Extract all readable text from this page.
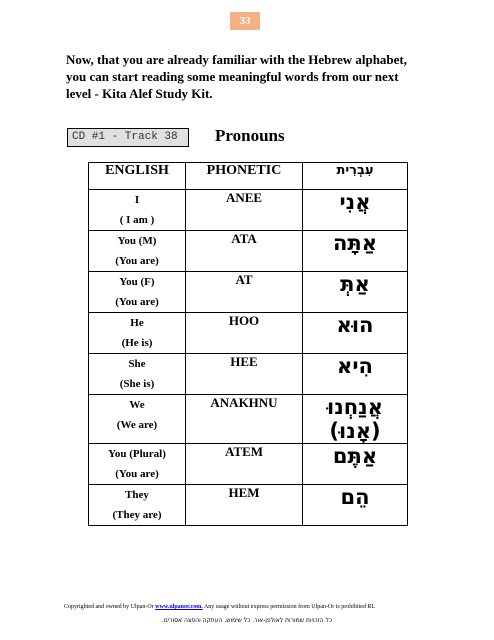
33

Now, that you are already familiar with the Hebrew alphabet, you can start reading some meaningful words from our next level - Kita Alef Study Kit.

CD #1 - Track 38	Pronouns
ENGLISH	PHONETIC	עִבְרִית

I
( I am )	ANEE	אֲנִי

You (M)
(You are)	ATA	אַתָּה

You (F)
(You are)	AT	אַתְּ

He
(He is)	HOO	הוּא

She
(She is)	HEE	הִיא

We
(We are)	ANAKHNU	אֲנַחְנוּ (אָנוּ)

You (Plural)
(You are)	ATEM	אַתֶּם

They
(They are)	HEM	הֵם
Copyrighted and owned by Ulpan-Or www.ulpanor.com. Any usage without express permission from Ulpan-Or is prohibited RL
כל הזכויות שמורות לאולפן-אור. כל שימוש, העתקה והפצה אסורים.
